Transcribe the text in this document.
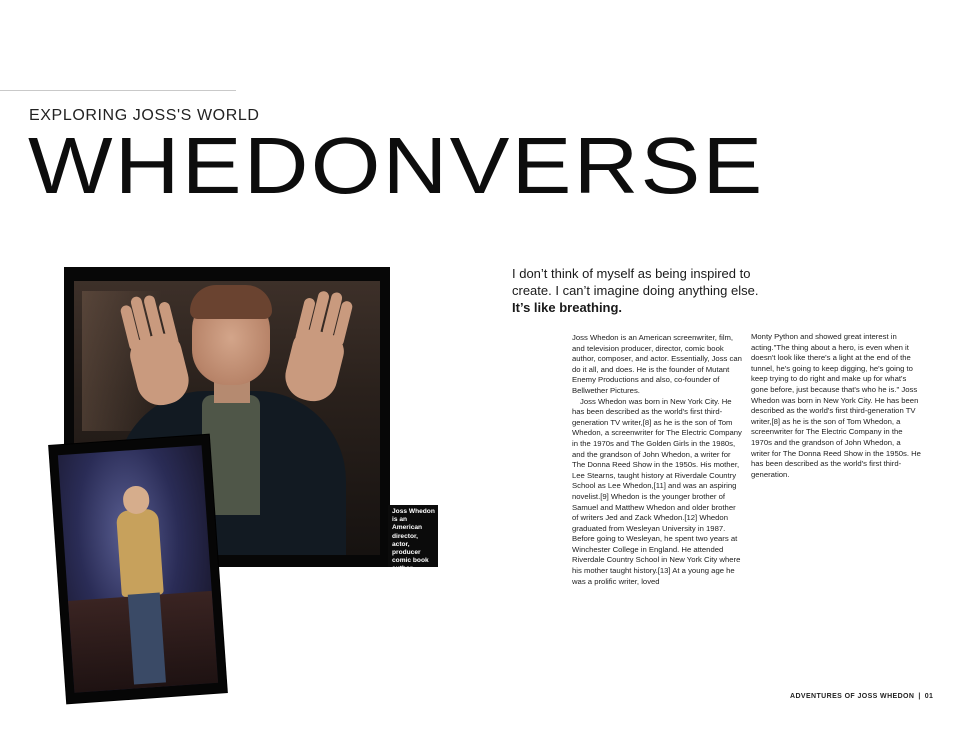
EXPLORING JOSS'S WORLD
WHEDONVERSE
Joss Whedon is an American director, actor, producer comic book author, composer, and screenwriter.
I don’t think of myself as being inspired to
create. I can’t imagine doing anything else.
It’s like breathing.

Joss Whedon is an American screenwriter, film, and television producer, director, comic book author, composer, and actor. Essentially, Joss can do it all, and does. He is the founder of Mutant Enemy Productions and also, co-founder of Bellwether Pictures.

Joss Whedon was born in New York City. He has been described as the world's first third-generation TV writer,[8] as he is the son of Tom Whedon, a screenwriter for The Electric Company in the 1970s and The Golden Girls in the 1980s, and the grandson of John Whedon, a writer for The Donna Reed Show in the 1950s. His mother, Lee Stearns, taught history at Riverdale Country School as Lee Whedon,[11] and was an aspiring novelist.[9] Whedon is the younger brother of Samuel and Matthew Whedon and older brother of writers Jed and Zack Whedon.[12] Whedon graduated from Wesleyan University in 1987. Before going to Wesleyan, he spent two years at Winchester College in England. He attended Riverdale Country School in New York City where his mother taught history.[13] At a young age he was a prolific writer, loved

Monty Python and showed great interest in acting."The thing about a hero, is even when it doesn't look like there's a light at the end of the tunnel, he's going to keep digging, he's going to keep trying to do right and make up for what's gone before, just because that's who he is." Joss Whedon was born in New York City. He has been described as the world's first third-generation TV writer,[8] as he is the son of Tom Whedon, a screenwriter for The Electric Company in the 1970s and the grandson of John Whedon, a writer for The Donna Reed Show in the 1950s. He has been described as the world's first third-generation.

ADVENTURES OF JOSS WHEDON | 01
